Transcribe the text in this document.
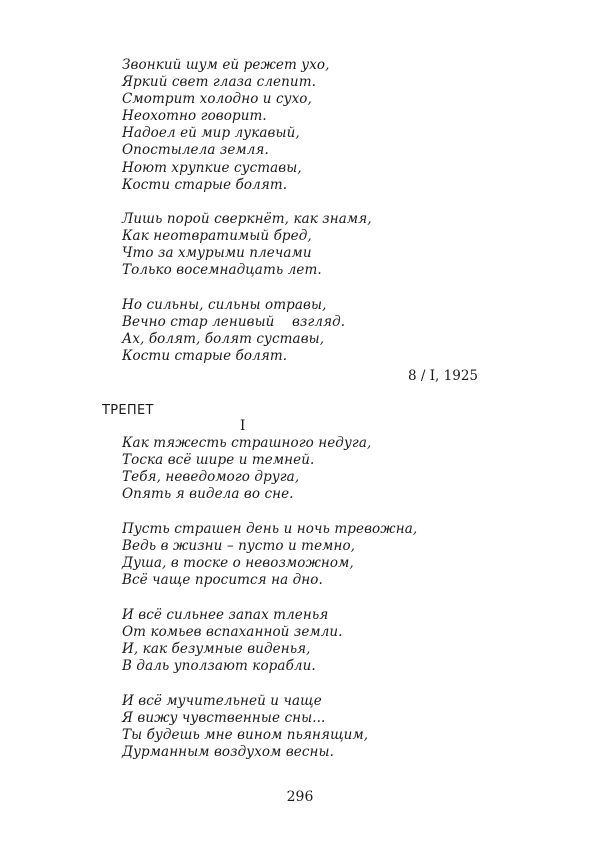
Звонкий шум ей режет ухо,
Яркий свет глаза слепит.
Смотрит холодно и сухо,
Неохотно говорит.
Надоел ей мир лукавый,
Опостылела земля.
Ноют хрупкие суставы,
Кости старые болят.
Лишь порой сверкнёт, как знамя,
Как неотвратимый бред,
Что за хмурыми плечами
Только восемнадцать лет.
Но сильны, сильны отравы,
Вечно стар ленивый    взгляд.
Ах, болят, болят суставы,
Кости старые болят.
8 / I, 1925
ТРЕПЕТ
I
Как тяжесть страшного недуга,
Тоска всё шире и темней.
Тебя, неведомого друга,
Опять я видела во сне.
Пусть страшен день и ночь тревожна,
Ведь в жизни – пусто и темно,
Душа, в тоске о невозможном,
Всё чаще просится на дно.
И всё сильнее запах тленья
От комьев вспаханной земли.
И, как безумные виденья,
В даль уползают корабли.
И всё мучительней и чаще
Я вижу чувственные сны...
Ты будешь мне вином пьянящим,
Дурманным воздухом весны.
296
